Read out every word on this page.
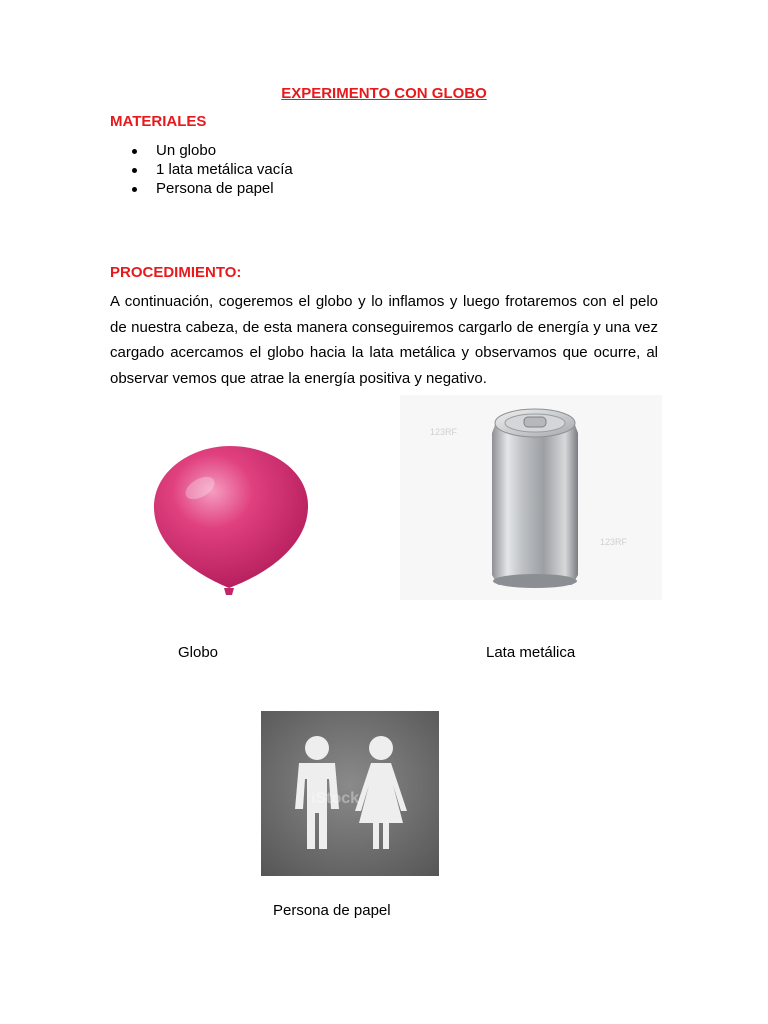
EXPERIMENTO CON GLOBO
MATERIALES
Un globo
1 lata metálica vacía
Persona de papel
PROCEDIMIENTO:
A continuación, cogeremos el globo y lo inflamos y luego frotaremos con el pelo de nuestra cabeza, de esta manera conseguiremos cargarlo de energía y una vez cargado acercamos el globo hacia la lata metálica y observamos que ocurre, al observar vemos que atrae la energía positiva y negativo.
123RF
123RF
Globo	Lata metálica
iStock
Persona de papel
